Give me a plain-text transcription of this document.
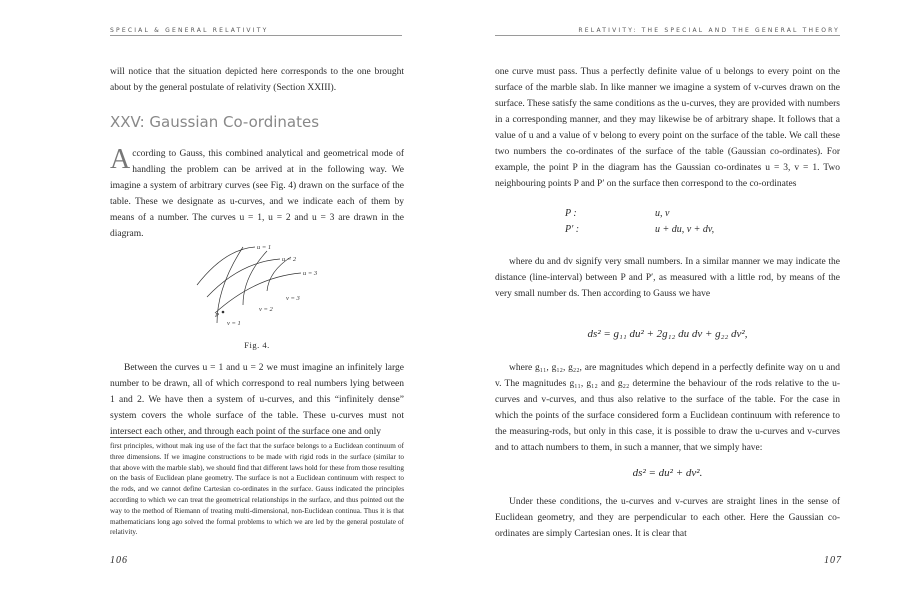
SPECIAL & GENERAL RELATIVITY

will notice that the situation depicted here corresponds to the one brought about by the general postulate of relativity (Section XXIII).

XXV: Gaussian Co-ordinates
A ccording to Gauss, this combined analytical and geometrical mode of handling the problem can be arrived at in the following way. We imagine a system of arbitrary curves (see Fig. 4) drawn on the surface of the table. These we designate as u-curves, and we indicate each of them by means of a number. The curves u = 1, u = 2 and u = 3 are drawn in the diagram.
u = 1
u = 2
u = 3
v = 3
v = 2
v = 1
P
Fig. 4.

Between the curves u = 1 and u = 2 we must imagine an infinitely large number to be drawn, all of which correspond to real numbers lying between 1 and 2. We have then a system of u-curves, and this “infinitely dense” system covers the whole surface of the table. These u-curves must not intersect each other, and through each point of the surface one and only

first principles, without mak ing use of the fact that the surface belongs to a Euclidean continuum of three dimensions. If we imagine constructions to be made with rigid rods in the surface (similar to that above with the marble slab), we should find that different laws hold for these from those resulting on the basis of Euclidean plane geometry. The surface is not a Euclidean continuum with respect to the rods, and we cannot define Cartesian co-ordinates in the surface. Gauss indicated the principles according to which we can treat the geometrical relationships in the surface, and thus pointed out the way to the method of Riemann of treating multi-dimensional, non-Euclidean continua. Thus it is that mathematicians long ago solved the formal problems to which we are led by the general postulate of relativity.
106
RELATIVITY: THE SPECIAL AND THE GENERAL THEORY

one curve must pass. Thus a perfectly definite value of u belongs to every point on the surface of the marble slab. In like manner we imagine a system of v-curves drawn on the surface. These satisfy the same conditions as the u-curves, they are provided with numbers in a corresponding manner, and they may likewise be of arbitrary shape. It follows that a value of u and a value of v belong to every point on the surface of the table. We call these two numbers the co-ordinates of the surface of the table (Gaussian co-ordinates). For example, the point P in the diagram has the Gaussian co-ordinates u = 3, v = 1. Two neighbouring points P and P′ on the surface then correspond to the co-ordinates

P :	u, v
P′ :	u + du, v + dv,

where du and dv signify very small numbers. In a similar manner we may indicate the distance (line-interval) between P and P′, as measured with a little rod, by means of the very small number ds. Then according to Gauss we have

ds² = g₁₁ du² + 2g₁₂ du dv + g₂₂ dv²,

where g₁₁, g₁₂, g₂₂, are magnitudes which depend in a perfectly definite way on u and v. The magnitudes g₁₁, g₁₂ and g₂₂ determine the behaviour of the rods relative to the u-curves and v-curves, and thus also relative to the surface of the table. For the case in which the points of the surface considered form a Euclidean continuum with reference to the measuring-rods, but only in this case, it is possible to draw the u-curves and v-curves and to attach numbers to them, in such a manner, that we simply have:

ds² = du² + dv².

Under these conditions, the u-curves and v-curves are straight lines in the sense of Euclidean geometry, and they are perpendicular to each other. Here the Gaussian co-ordinates are simply Cartesian ones. It is clear that

107
